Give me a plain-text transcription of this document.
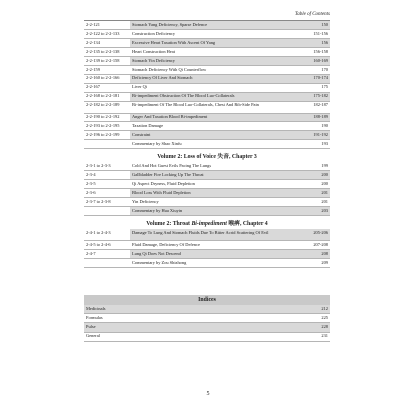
Table of Contents
2-2-121	Stomach Yang Deficiency, Sparse Defence	150
2-2-122 to 2-2-133	Construction Deficiency	151-156
2-2-134	Excessive Heart Taxation With Ascent Of Yang	156
2-2-135 to 2-2-138	Heart Construction Heat	156-158
2-2-139 to 2-2-158	Stomach Yin Deficiency	160-169
2-2-159	Stomach Deficiency With Qi Counterflow	170
2-2-160 to 2-2-166	Deficiency Of Liver And Stomach	170-174
2-2-167	Liver Qi	175
2-2-168 to 2-2-181	Bi-impediment Obstruction Of The Blood Luo-Collaterals	175-182
2-2-182 to 2-2-189	Bi-impediment Of The Blood Luo-Collaterals, Chest And Rib-Side Pain	182-187
2-2-190 to 2-2-192	Anger And Taxation Blood Bi-impediment	188-189
2-2-193 to 2-2-195	Taxation Damage	190
2-2-196 to 2-2-199	Constraint	191-192
	Commentary by Shao Xinfu	193
Volume 2: Loss of Voice 失音, Chapter 3
2-3-1 to 2-3-3	Cold And Hot Guest Evils Pacing The Lungs	199
2-3-4	Gallbladder Fire Locking Up The Throat	200
2-3-5	Qi Aspect Dryness, Fluid Depletion	200
2-3-6	Blood Loss With Fluid Depletion	201
2-3-7 to 2-3-8	Yin Deficiency	201
	Commentary by Hua Xiuyin	203
Volume 2: Throat Bi-impediment 喉痹, Chapter 4
2-4-1 to 2-4-3	Damage To Lung And Stomach Fluids Due To Bitter Acrid Scattering Of Evil	205-206
2-4-5 to 2-4-6	Fluid Damage, Deficiency Of Defence	207-208
2-4-7	Lung Qi Does Not Descend	208
	Commentary by Zou Shizhong	209
Indices
Medicinals	212
Formulas	225
Pulse	228
General	231
5
